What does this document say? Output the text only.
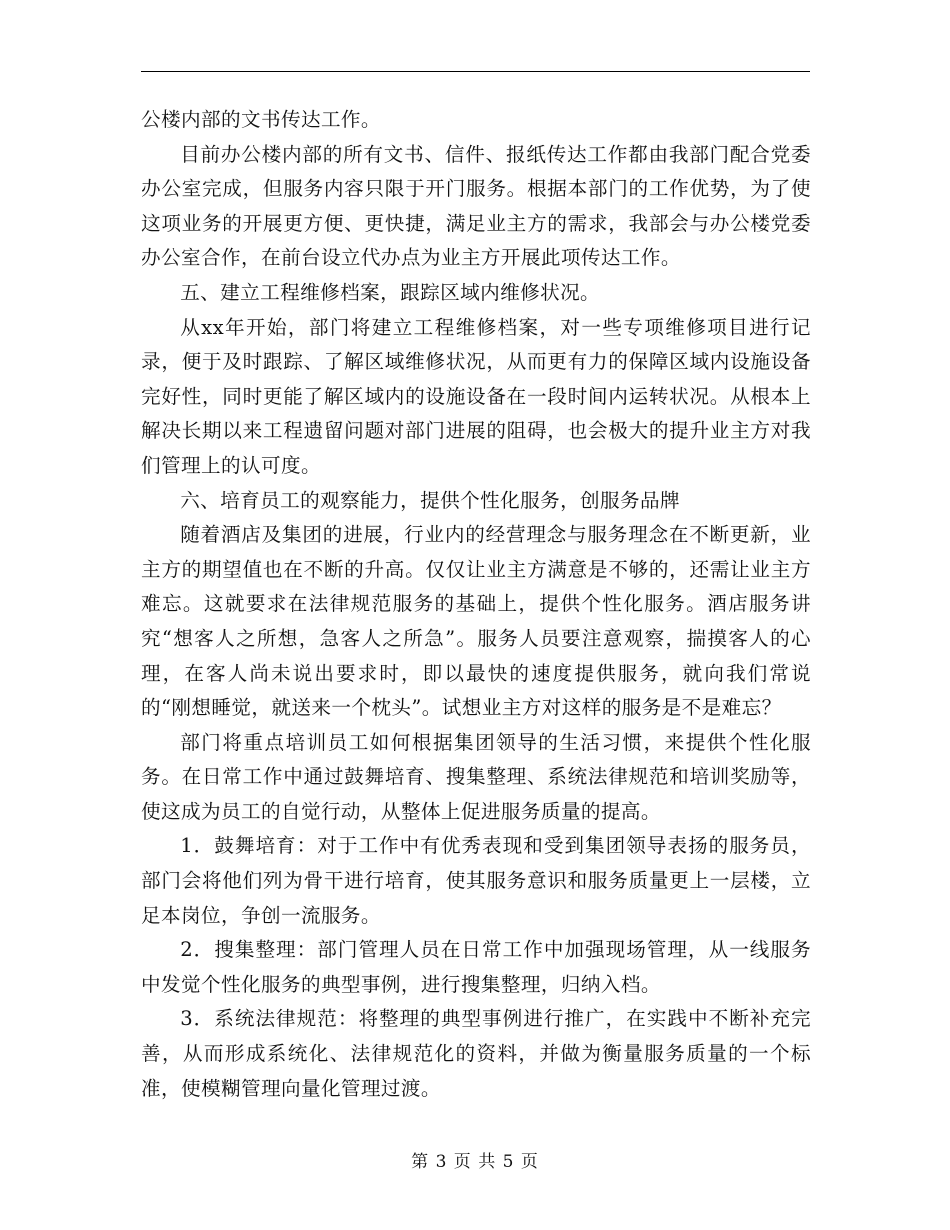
公楼内部的文书传达工作。

目前办公楼内部的所有文书、信件、报纸传达工作都由我部门配合党委办公室完成，但服务内容只限于开门服务。根据本部门的工作优势，为了使这项业务的开展更方便、更快捷，满足业主方的需求，我部会与办公楼党委办公室合作，在前台设立代办点为业主方开展此项传达工作。

五、建立工程维修档案，跟踪区域内维修状况。

从xx年开始，部门将建立工程维修档案，对一些专项维修项目进行记录，便于及时跟踪、了解区域维修状况，从而更有力的保障区域内设施设备完好性，同时更能了解区域内的设施设备在一段时间内运转状况。从根本上解决长期以来工程遗留问题对部门进展的阻碍，也会极大的提升业主方对我们管理上的认可度。

六、培育员工的观察能力，提供个性化服务，创服务品牌

随着酒店及集团的进展，行业内的经营理念与服务理念在不断更新，业主方的期望值也在不断的升高。仅仅让业主方满意是不够的，还需让业主方难忘。这就要求在法律规范服务的基础上，提供个性化服务。酒店服务讲究“想客人之所想，急客人之所急”。服务人员要注意观察，揣摸客人的心理，在客人尚未说出要求时，即以最快的速度提供服务，就向我们常说的“刚想睡觉，就送来一个枕头”。试想业主方对这样的服务是不是难忘？

部门将重点培训员工如何根据集团领导的生活习惯，来提供个性化服务。在日常工作中通过鼓舞培育、搜集整理、系统法律规范和培训奖励等，使这成为员工的自觉行动，从整体上促进服务质量的提高。

1．鼓舞培育：对于工作中有优秀表现和受到集团领导表扬的服务员，部门会将他们列为骨干进行培育，使其服务意识和服务质量更上一层楼，立足本岗位，争创一流服务。

2．搜集整理：部门管理人员在日常工作中加强现场管理，从一线服务中发觉个性化服务的典型事例，进行搜集整理，归纳入档。

3．系统法律规范：将整理的典型事例进行推广，在实践中不断补充完善，从而形成系统化、法律规范化的资料，并做为衡量服务质量的一个标准，使模糊管理向量化管理过渡。

第 3 页 共 5 页
